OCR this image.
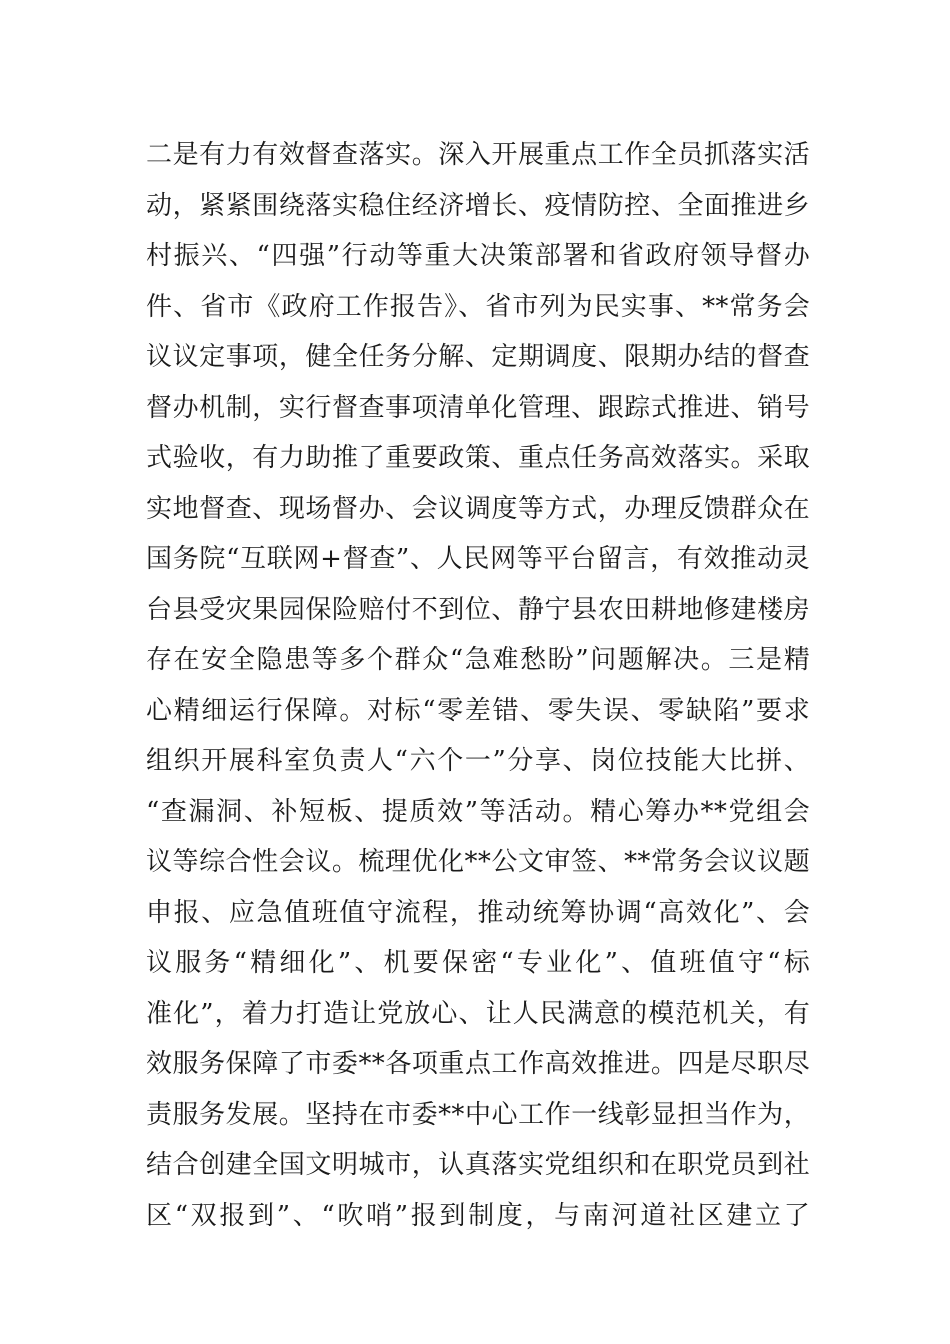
二是有力有效督查落实。深入开展重点工作全员抓落实活
动，紧紧围绕落实稳住经济增长、疫情防控、全面推进乡
村振兴、“四强”行动等重大决策部署和省政府领导督办
件、省市《政府工作报告》、省市列为民实事、**常务会
议议定事项，健全任务分解、定期调度、限期办结的督查
督办机制，实行督查事项清单化管理、跟踪式推进、销号
式验收，有力助推了重要政策、重点任务高效落实。采取
实地督查、现场督办、会议调度等方式，办理反馈群众在
国务院“互联网+督查”、人民网等平台留言，有效推动灵
台县受灾果园保险赔付不到位、静宁县农田耕地修建楼房
存在安全隐患等多个群众“急难愁盼”问题解决。三是精
心精细运行保障。对标“零差错、零失误、零缺陷”要求
组织开展科室负责人“六个一”分享、岗位技能大比拼、
“查漏洞、补短板、提质效”等活动。精心筹办**党组会
议等综合性会议。梳理优化**公文审签、**常务会议议题
申报、应急值班值守流程，推动统筹协调“高效化”、会
议服务“精细化”、机要保密“专业化”、值班值守“标
准化”，着力打造让党放心、让人民满意的模范机关，有
效服务保障了市委**各项重点工作高效推进。四是尽职尽
责服务发展。坚持在市委**中心工作一线彰显担当作为，
结合创建全国文明城市，认真落实党组织和在职党员到社
区“双报到”、“吹哨”报到制度，与南河道社区建立了
